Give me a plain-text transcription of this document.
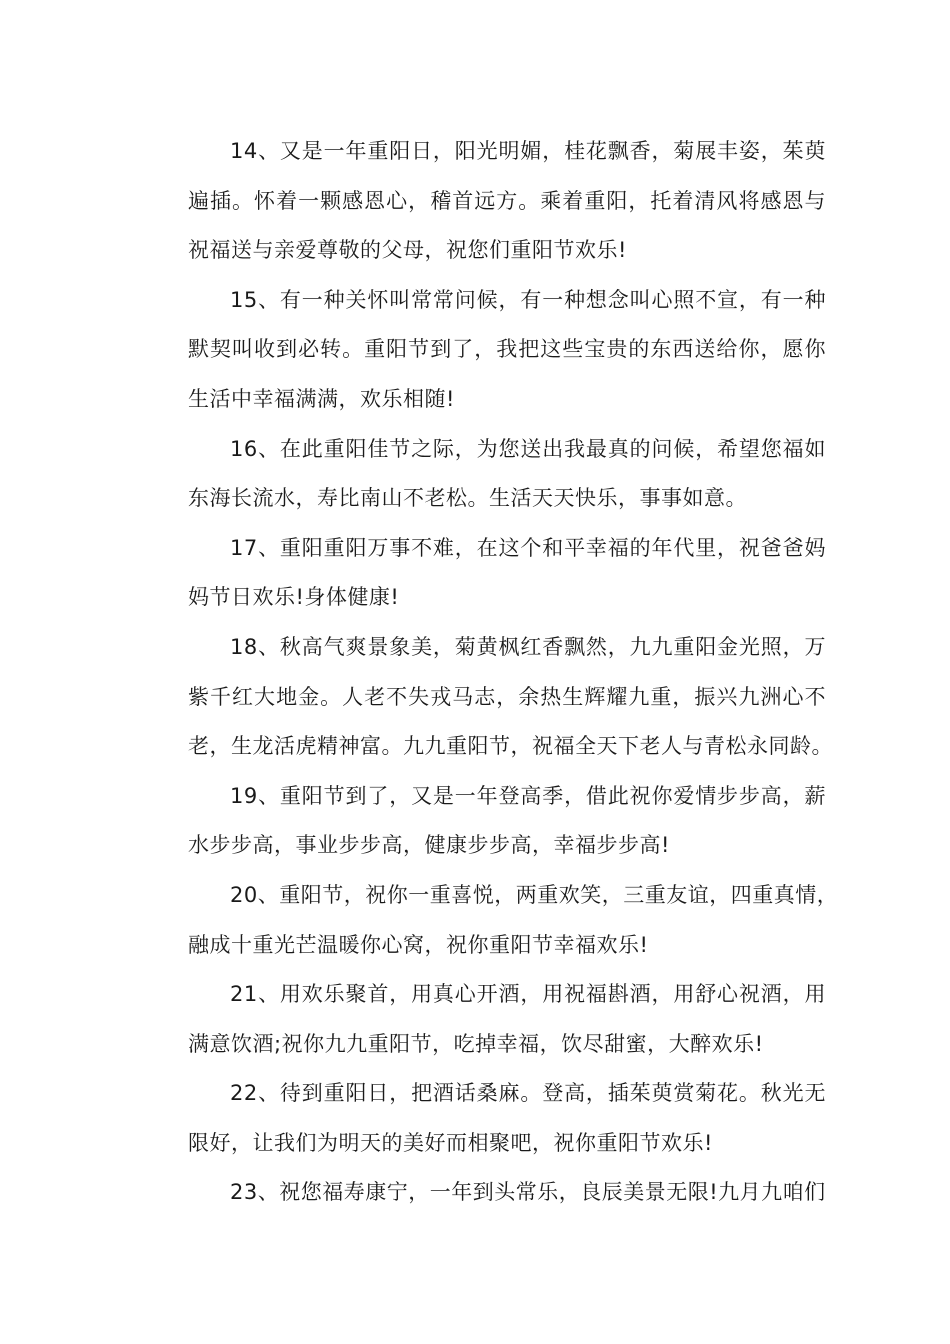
14、又是一年重阳日，阳光明媚，桂花飘香，菊展丰姿，茱萸
遍插。怀着一颗感恩心，稽首远方。乘着重阳，托着清风将感恩与
祝福送与亲爱尊敬的父母，祝您们重阳节欢乐!
15、有一种关怀叫常常问候，有一种想念叫心照不宣，有一种
默契叫收到必转。重阳节到了，我把这些宝贵的东西送给你，愿你
生活中幸福满满，欢乐相随!
16、在此重阳佳节之际，为您送出我最真的问候，希望您福如
东海长流水，寿比南山不老松。生活天天快乐，事事如意。
17、重阳重阳万事不难，在这个和平幸福的年代里，祝爸爸妈
妈节日欢乐!身体健康!
18、秋高气爽景象美，菊黄枫红香飘然，九九重阳金光照，万
紫千红大地金。人老不失戎马志，余热生辉耀九重，振兴九洲心不
老，生龙活虎精神富。九九重阳节，祝福全天下老人与青松永同龄。
19、重阳节到了，又是一年登高季，借此祝你爱情步步高，薪
水步步高，事业步步高，健康步步高，幸福步步高!
20、重阳节，祝你一重喜悦，两重欢笑，三重友谊，四重真情，
融成十重光芒温暖你心窝，祝你重阳节幸福欢乐!
21、用欢乐聚首，用真心开酒，用祝福斟酒，用舒心祝酒，用
满意饮酒;祝你九九重阳节，吃掉幸福，饮尽甜蜜，大醉欢乐!
22、待到重阳日，把酒话桑麻。登高，插茱萸赏菊花。秋光无
限好，让我们为明天的美好而相聚吧，祝你重阳节欢乐!
23、祝您福寿康宁，一年到头常乐，良辰美景无限!九月九咱们
